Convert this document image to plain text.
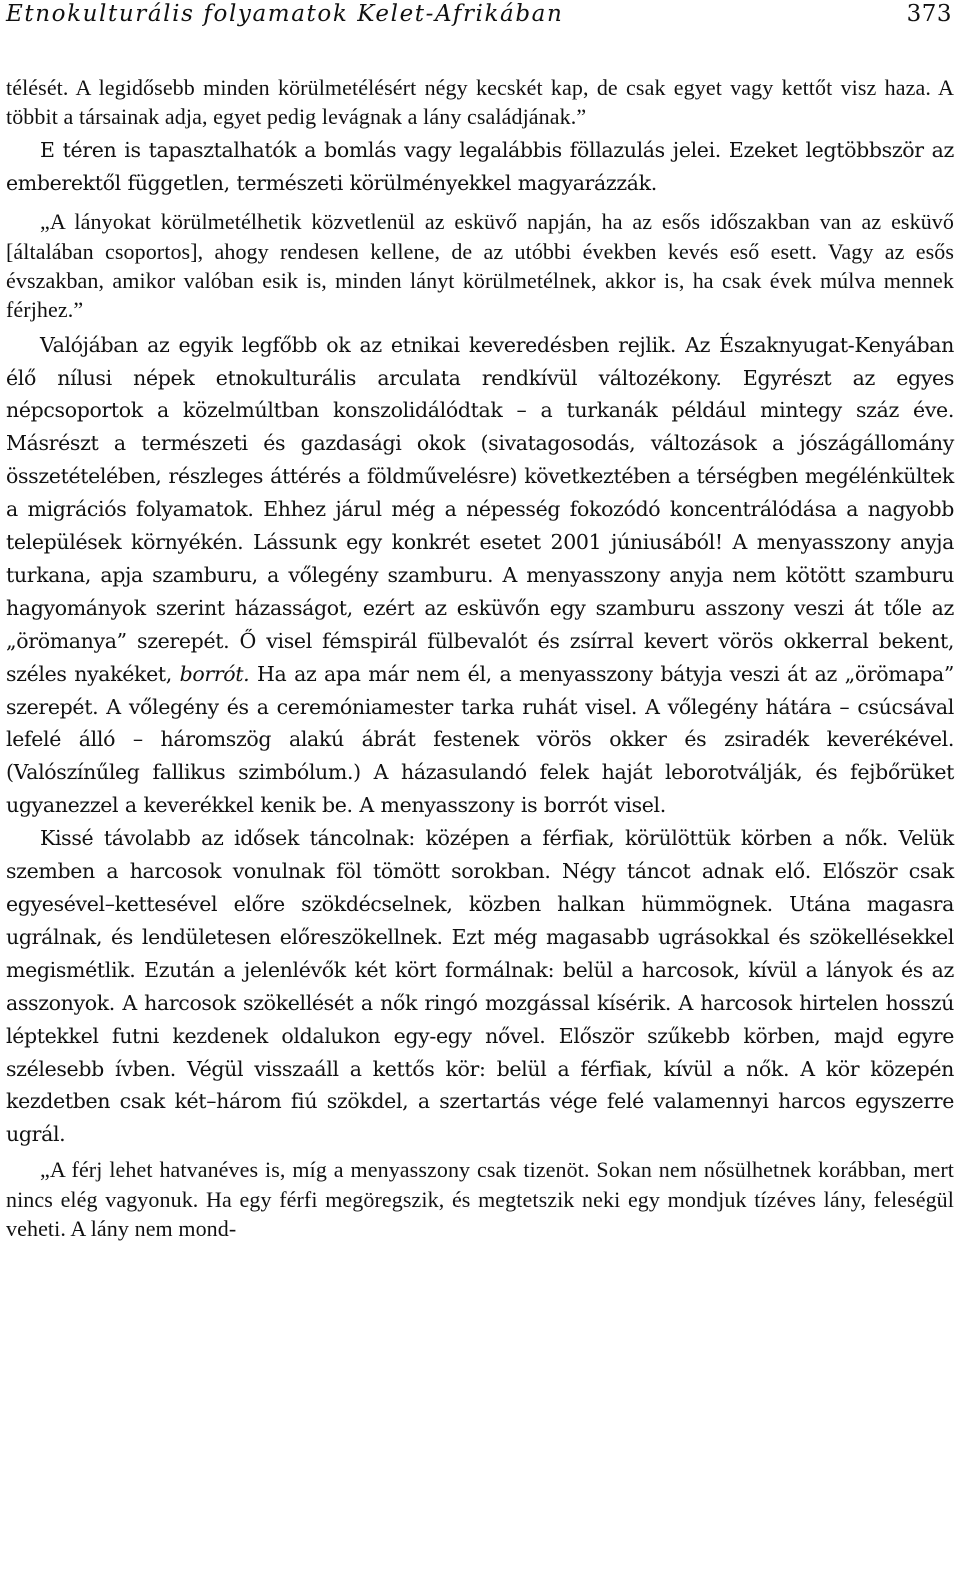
Etnokulturális folyamatok Kelet-Afrikában	373

télését. A legidősebb minden körülmetélésért négy kecskét kap, de csak egyet vagy kettőt visz haza. A többit a társainak adja, egyet pedig levágnak a lány családjának.”

E téren is tapasztalhatók a bomlás vagy legalábbis föllazulás jelei. Ezeket legtöbbször az emberektől független, természeti körülményekkel magyarázzák.

„A lányokat körülmetélhetik közvetlenül az esküvő napján, ha az esős időszakban van az esküvő [általában csoportos], ahogy rendesen kellene, de az utóbbi években kevés eső esett. Vagy az esős évszakban, amikor valóban esik is, minden lányt körülmetélnek, akkor is, ha csak évek múlva mennek férjhez.”

Valójában az egyik legfőbb ok az etnikai keveredésben rejlik. Az Északnyugat-Kenyában élő nílusi népek etnokulturális arculata rendkívül változékony. Egyrészt az egyes népcsoportok a közelmúltban konszolidálódtak – a turkanák például mintegy száz éve. Másrészt a természeti és gazdasági okok (sivatagosodás, változások a jószágállomány összetételében, részleges áttérés a földművelésre) következtében a térségben megélénkültek a migrációs folyamatok. Ehhez járul még a népesség fokozódó koncentrálódása a nagyobb települések környékén. Lássunk egy konkrét esetet 2001 júniusából! A menyasszony anyja turkana, apja szamburu, a vőlegény szamburu. A menyasszony anyja nem kötött szamburu hagyományok szerint házasságot, ezért az esküvőn egy szamburu asszony veszi át tőle az „örömanya” szerepét. Ő visel fémspirál fülbevalót és zsírral kevert vörös okkerral bekent, széles nyakéket, borrót. Ha az apa már nem él, a menyasszony bátyja veszi át az „örömapa” szerepét. A vőlegény és a ceremóniamester tarka ruhát visel. A vőlegény hátára – csúcsával lefelé álló – háromszög alakú ábrát festenek vörös okker és zsiradék keverékével. (Valószínűleg fallikus szimbólum.) A házasulandó felek haját leborotválják, és fejbőrüket ugyanezzel a keverékkel kenik be. A menyasszony is borrót visel.

Kissé távolabb az idősek táncolnak: középen a férfiak, körülöttük körben a nők. Velük szemben a harcosok vonulnak föl tömött sorokban. Négy táncot adnak elő. Először csak egyesével–kettesével előre szökdécselnek, közben halkan hümmögnek. Utána magasra ugrálnak, és lendületesen előreszökellnek. Ezt még magasabb ugrásokkal és szökellésekkel megismétlik. Ezután a jelenlévők két kört formálnak: belül a harcosok, kívül a lányok és az asszonyok. A harcosok szökellését a nők ringó mozgással kísérik. A harcosok hirtelen hosszú léptekkel futni kezdenek oldalukon egy-egy nővel. Először szűkebb körben, majd egyre szélesebb ívben. Végül visszaáll a kettős kör: belül a férfiak, kívül a nők. A kör közepén kezdetben csak két–három fiú szökdel, a szertartás vége felé valamennyi harcos egyszerre ugrál.

„A férj lehet hatvanéves is, míg a menyasszony csak tizenöt. Sokan nem nősülhetnek korábban, mert nincs elég vagyonuk. Ha egy férfi megöregszik, és megtetszik neki egy mondjuk tízéves lány, feleségül veheti. A lány nem mond-
